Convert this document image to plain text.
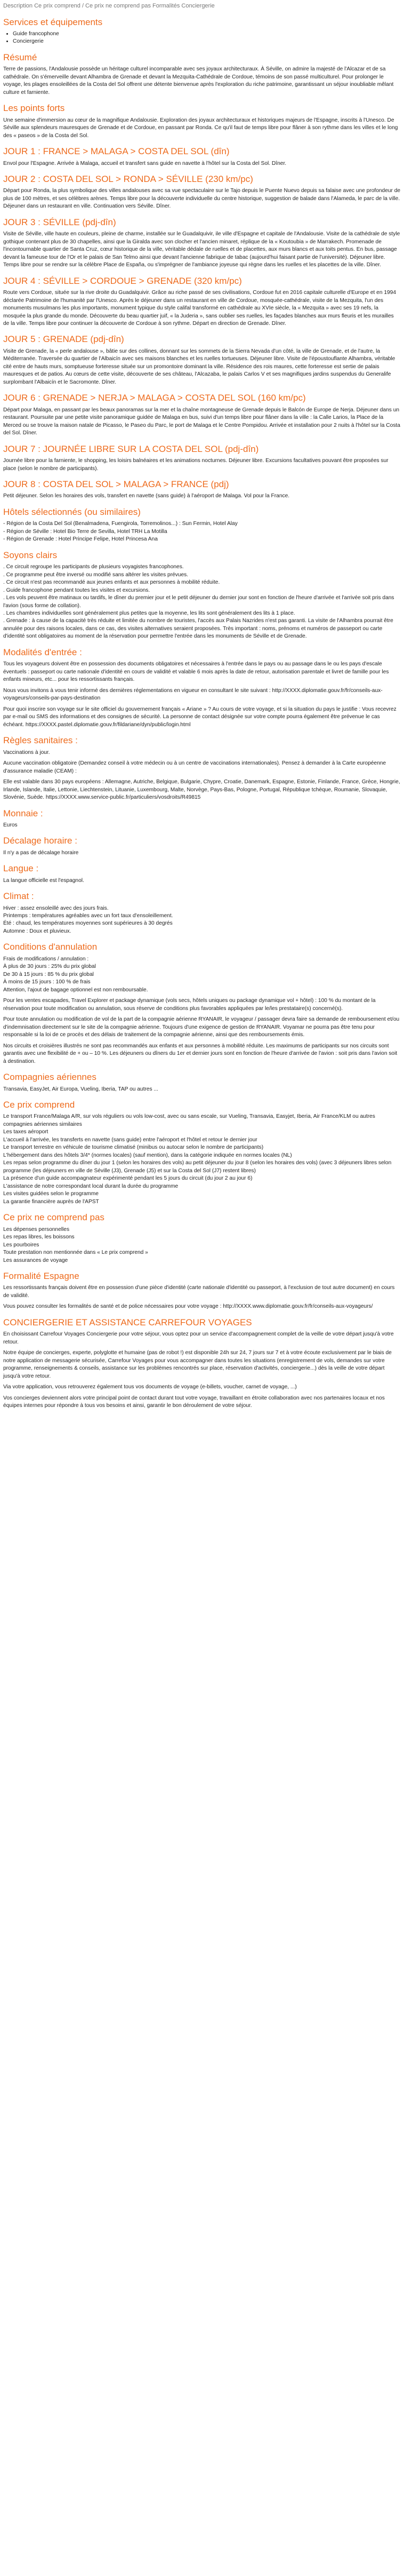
Description Ce prix comprend / Ce prix ne comprend pas Formalités Conciergerie

Services et équipements
• Guide francophone
• Conciergerie
Résumé

Terre de passions, l'Andalousie possède un héritage culturel incomparable avec ses joyaux architecturaux. À Séville, on admire la majesté de l'Alcazar et de sa cathédrale. On s'émerveille devant Alhambra de Grenade et devant la Mezquita-Cathédrale de Cordoue, témoins de son passé multiculturel. Pour prolonger le voyage, les plages ensoleillées de la Costa del Sol offrent une détente bienvenue après l'exploration du riche patrimoine, garantissant un séjour inoubliable mêlant culture et farniente.

Les points forts

Une semaine d'immersion au cœur de la magnifique Andalousie. Exploration des joyaux architecturaux et historiques majeurs de l'Espagne, inscrits à l'Unesco. De Séville aux splendeurs mauresques de Grenade et de Cordoue, en passant par Ronda. Ce qu'il faut de temps libre pour flâner à son rythme dans les villes et le long des « paseos » de la Costa del Sol.

JOUR 1 : FRANCE > MALAGA > COSTA DEL SOL (dîn)

Envol pour l'Espagne. Arrivée à Malaga, accueil et transfert sans guide en navette à l'hôtel sur la Costa del Sol. Dîner.

JOUR 2 : COSTA DEL SOL > RONDA > SÉVILLE (230 km/pc)

Départ pour Ronda, la plus symbolique des villes andalouses avec sa vue spectaculaire sur le Tajo depuis le Puente Nuevo depuis sa falaise avec une profondeur de plus de 100 mètres, et ses célèbres arènes. Temps libre pour la découverte individuelle du centre historique, suggestion de balade dans l'Alameda, le parc de la ville. Déjeuner dans un restaurant en ville. Continuation vers Séville. Dîner.

JOUR 3 : SÉVILLE (pdj-dîn)

Visite de Séville, ville haute en couleurs, pleine de charme, installée sur le Guadalquivir, ile ville d'Espagne et capitale de l'Andalousie. Visite de la cathédrale de style gothique contenant plus de 30 chapelles, ainsi que la Giralda avec son clocher et l'ancien minaret, réplique de la « Koutoubia » de Marrakech. Promenade de l'incontournable quartier de Santa Cruz, cœur historique de la ville, véritable dédale de ruelles et de placettes, aux murs blancs et aux toits pentus. En bus, passage devant la fameuse tour de l'Or et le palais de San Telmo ainsi que devant l'ancienne fabrique de tabac (aujourd'hui faisant partie de l'université). Déjeuner libre. Temps libre pour se rendre sur la célèbre Place de España, ou s'imprégner de l'ambiance joyeuse qui règne dans les ruelles et les placettes de la ville. Dîner.

JOUR 4 : SÉVILLE > CORDOUE > GRENADE (320 km/pc)

Route vers Cordoue, située sur la rive droite du Guadalquivir. Grâce au riche passé de ses civilisations, Cordoue fut en 2016 capitale culturelle d'Europe et en 1994 déclarée Patrimoine de l'humanité par l'Unesco. Après le déjeuner dans un restaurant en ville de Cordoue, mosquée-cathédrale, visite de la Mezquita, l'un des monuments musulmans les plus importants, monument typique du style califal transformé en cathédrale au XVIe siècle, la « Mezquita » avec ses 19 nefs, la mosquée la plus grande du monde. Découverte du beau quartier juif, « la Juderia », sans oublier ses ruelles, les façades blanches aux murs fleuris et les murailles de la ville. Temps libre pour continuer la découverte de Cordoue à son rythme. Départ en direction de Grenade. Dîner.

JOUR 5 : GRENADE (pdj-dîn)

Visite de Grenade, la « perle andalouse », bâtie sur des collines, donnant sur les sommets de la Sierra Nevada d'un côté, la ville de Grenade, et de l'autre, la Méditerranée. Traversée du quartier de l'Albaicín avec ses maisons blanches et les ruelles tortueuses. Déjeuner libre. Visite de l'époustouflante Alhambra, véritable cité entre de hauts murs, somptueuse forteresse située sur un promontoire dominant la ville. Résidence des rois maures, cette forteresse est sertie de palais mauresques et de patios. Au cœurs de cette visite, découverte de ses château, l'Alcazaba, le palais Carlos V et ses magnifiques jardins suspendus du Generalife surplombant l'Albaicín et le Sacromonte. Dîner.

JOUR 6 : GRENADE > NERJA > MALAGA > COSTA DEL SOL (160 km/pc)

Départ pour Malaga, en passant par les beaux panoramas sur la mer et la chaîne montagneuse de Grenade depuis le Balcón de Europe de Nerja. Déjeuner dans un restaurant. Poursuite par une petite visite panoramique guidée de Malaga en bus, suivi d'un temps libre pour flâner dans la ville : la Calle Larios, la Place de la Merced ou se trouve la maison natale de Picasso, le Paseo du Parc, le port de Malaga et le Centre Pompidou. Arrivée et installation pour 2 nuits à l'hôtel sur la Costa del Sol. Dîner.

JOUR 7 : JOURNÉE LIBRE SUR LA COSTA DEL SOL (pdj-dîn)

Journée libre pour la farniente, le shopping, les loisirs balnéaires et les animations nocturnes. Déjeuner libre. Excursions facultatives pouvant être proposées sur place (selon le nombre de participants).

JOUR 8 : COSTA DEL SOL > MALAGA > FRANCE (pdj)

Petit déjeuner. Selon les horaires des vols, transfert en navette (sans guide) à l'aéroport de Malaga. Vol pour la France.

Hôtels sélectionnés (ou similaires)

- Région de la Costa Del Sol (Benalmadena, Fuengirola, Torremolinos...) : Sun Fermin, Hotel Alay
- Région de Séville : Hotel Bio Terre de Sevilla, Hotel TRH La Motilla
- Région de Grenade : Hotel Principe Felipe, Hotel Princesa Ana

Soyons clairs

. Ce circuit regroupe les participants de plusieurs voyagistes francophones.
. Ce programme peut être inversé ou modifié sans altérer les visites prévues.
. Ce circuit n'est pas recommandé aux jeunes enfants et aux personnes à mobilité réduite.
. Guide francophone pendant toutes les visites et excursions.
. Les vols peuvent être matinaux ou tardifs, le dîner du premier jour et le petit déjeuner du dernier jour sont en fonction de l'heure d'arrivée et l'arrivée soit pris dans l'avion (sous forme de collation).
. Les chambres individuelles sont généralement plus petites que la moyenne, les lits sont généralement des lits à 1 place.
. Grenade : à cause de la capacité très réduite et limitée du nombre de touristes, l'accès aux Palais Nazrides n'est pas garanti. La visite de l'Alhambra pourrait être annulée pour des raisons locales, dans ce cas, des visites alternatives seraient proposées. Très important : noms, prénoms et numéros de passeport ou carte d'identité sont obligatoires au moment de la réservation pour permettre l'entrée dans les monuments de Séville et de Grenade.

Modalités d'entrée :

Tous les voyageurs doivent être en possession des documents obligatoires et nécessaires à l'entrée dans le pays ou au passage dans le ou les pays d'escale éventuels : passeport ou carte nationale d'identité en cours de validité et valable 6 mois après la date de retour, autorisation parentale et livret de famille pour les enfants mineurs, etc... pour les ressortissants français.

Nous vous invitons à vous tenir informé des dernières réglementations en vigueur en consultant le site suivant : http://XXXX.diplomatie.gouv.fr/fr/conseils-aux-voyageurs/conseils-par-pays-destination

Pour quoi inscrire son voyage sur le site officiel du gouvernement français « Ariane » ? Au cours de votre voyage, et si la situation du pays le justifie : Vous recevrez par e-mail ou SMS des informations et des consignes de sécurité. La personne de contact désignée sur votre compte pourra également être prévenue le cas échéant. https://XXXX.pastel.diplomatie.gouv.fr/fildariane/dyn/public/login.html

Règles sanitaires :

Vaccinations à jour.

Aucune vaccination obligatoire (Demandez conseil à votre médecin ou à un centre de vaccinations internationales). Pensez à demander à la Carte européenne d'assurance maladie (CEAM) :

Elle est valable dans 30 pays européens : Allemagne, Autriche, Belgique, Bulgarie, Chypre, Croatie, Danemark, Espagne, Estonie, Finlande, France, Grèce, Hongrie, Irlande, Islande, Italie, Lettonie, Liechtenstein, Lituanie, Luxembourg, Malte, Norvège, Pays-Bas, Pologne, Portugal, République tchèque, Roumanie, Slovaquie, Slovénie, Suède. https://XXXX.www.service-public.fr/particuliers/vosdroits/R49815

Monnaie :

Euros

Décalage horaire :

Il n'y a pas de décalage horaire

Langue :

La langue officielle est l'espagnol.

Climat :

Hiver : assez ensoleillé avec des jours frais.
Printemps : températures agréables avec un fort taux d'ensoleillement.
Été : chaud, les températures moyennes sont supérieures à 30 degrés
Automne : Doux et pluvieux.

Conditions d'annulation

Frais de modifications / annulation :
À plus de 30 jours : 25% du prix global
De 30 à 15 jours : 85 % du prix global
À moins de 15 jours : 100 % de frais
Attention, l'ajout de bagage optionnel est non remboursable.

Pour les ventes escapades, Travel Explorer et package dynamique (vols secs, hôtels uniques ou package dynamique vol + hôtel) : 100 % du montant de la réservation pour toute modification ou annulation, sous réserve de conditions plus favorables appliquées par le/les prestataire(s) concerné(s).

Pour toute annulation ou modification de vol de la part de la compagnie aérienne RYANAIR, le voyageur / passager devra faire sa demande de remboursement et/ou d'indemnisation directement sur le site de la compagnie aérienne. Toujours d'une exigence de gestion de RYANAIR. Voyamar ne pourra pas être tenu pour responsable si la loi de ce procès et des délais de traitement de la compagnie aérienne, ainsi que des remboursements émis.

Nos circuits et croisières illustrés ne sont pas recommandés aux enfants et aux personnes à mobilité réduite. Les maximums de participants sur nos circuits sont garantis avec une flexibilité de + ou – 10 %. Les déjeuners ou dîners du 1er et dernier jours sont en fonction de l'heure d'arrivée de l'avion : soit pris dans l'avion soit à destination.

Compagnies aériennes

Transavia, EasyJet, Air Europa, Vueling, Iberia, TAP ou autres ...

Ce prix comprend

Le transport France/Malaga A/R, sur vols réguliers ou vols low-cost, avec ou sans escale, sur Vueling, Transavia, Easyjet, Iberia, Air France/KLM ou autres compagnies aériennes similaires
Les taxes aéroport
L'accueil à l'arrivée, les transferts en navette (sans guide) entre l'aéroport et l'hôtel et retour le dernier jour
Le transport terrestre en véhicule de tourisme climatisé (minibus ou autocar selon le nombre de participants)
L'hébergement dans des hôtels 3/4* (normes locales) (sauf mention), dans la catégorie indiquée en normes locales (NL)
Les repas selon programme du dîner du jour 1 (selon les horaires des vols) au petit déjeuner du jour 8 (selon les horaires des vols) (avec 3 déjeuners libres selon programme (les déjeuners en ville de Séville (J3), Grenade (J5) et sur la Costa del Sol (J7) restent libres)
La présence d'un guide accompagnateur expérimenté pendant les 5 jours du circuit (du jour 2 au jour 6)
L'assistance de notre correspondant local durant la durée du programme
Les visites guidées selon le programme
La garantie financière auprès de l'APST

Ce prix ne comprend pas

Les dépenses personnelles
Les repas libres, les boissons
Les pourboires
Toute prestation non mentionnée dans « Le prix comprend »
Les assurances de voyage

Formalité Espagne

Les ressortissants français doivent être en possession d'une pièce d'identité (carte nationale d'identité ou passeport, à l'exclusion de tout autre document) en cours de validité.

Vous pouvez consulter les formalités de santé et de police nécessaires pour votre voyage : http://XXXX.www.diplomatie.gouv.fr/fr/conseils-aux-voyageurs/

CONCIERGERIE ET ASSISTANCE CARREFOUR VOYAGES

En choisissant Carrefour Voyages Conciergerie pour votre séjour, vous optez pour un service d'accompagnement complet de la veille de votre départ jusqu'à votre retour.

Notre équipe de concierges, experte, polyglotte et humaine (pas de robot !) est disponible 24h sur 24, 7 jours sur 7 et à votre écoute exclusivement par le biais de notre application de messagerie sécurisée, Carrefour Voyages pour vous accompagner dans toutes les situations (enregistrement de vols, demandes sur votre programme, renseignements & conseils, assistance sur les problèmes rencontrés sur place, réservation d'activités, conciergerie...) dès la veille de votre départ jusqu'à votre retour.

Via votre application, vous retrouverez également tous vos documents de voyage (e-billets, voucher, carnet de voyage, ...)

Vos concierges deviennent alors votre principal point de contact durant tout votre voyage, travaillant en étroite collaboration avec nos partenaires locaux et nos équipes internes pour répondre à tous vos besoins et ainsi, garantir le bon déroulement de votre séjour.
